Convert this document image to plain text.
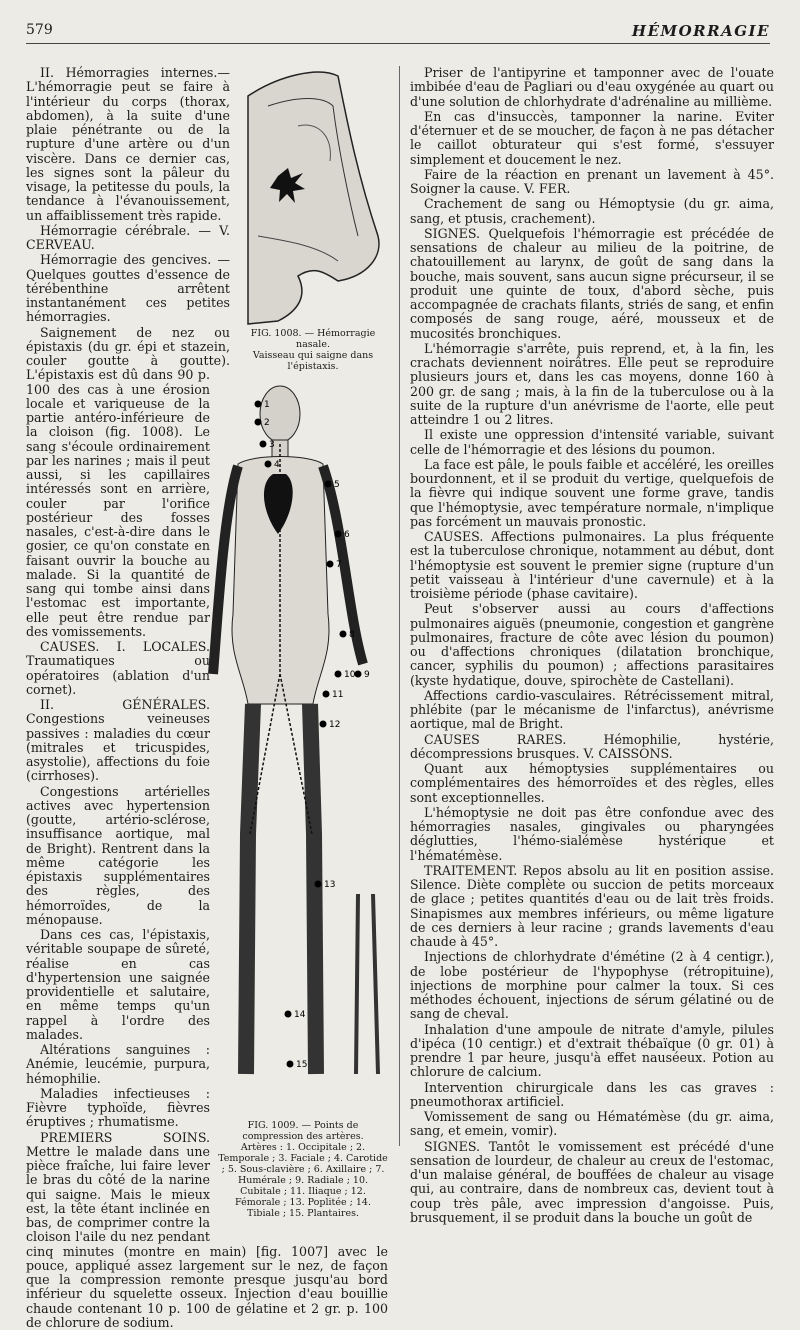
579	HÉMORRAGIE
FIG. 1008. — Hémorragie nasale.
Vaisseau qui saigne dans l'épistaxis.
1
2
3
4
5
6
7
8
9
10
11
12
13
14
15
FIG. 1009. — Points de compression des artères.
Artères : 1. Occipitale ; 2. Temporale ; 3. Faciale ; 4. Carotide ; 5. Sous-clavière ; 6. Axillaire ; 7. Humérale ; 9. Radiale ; 10. Cubitale ; 11. Iliaque ; 12. Fémorale ; 13. Poplitée ; 14. Tibiale ; 15. Plantaires.

II. Hémorragies internes.— L'hémorragie peut se faire à l'intérieur du corps (thorax, abdomen), à la suite d'une plaie pénétrante ou de la rupture d'une artère ou d'un viscère. Dans ce dernier cas, les signes sont la pâleur du visage, la petitesse du pouls, la tendance à l'évanouissement, un affaiblissement très rapide.

Hémorragie cérébrale. — V. CERVEAU.

Hémorragie des gencives. — Quelques gouttes d'essence de térébenthine arrêtent instantanément ces petites hémorragies.

Saignement de nez ou épistaxis (du gr. épi et stazein, couler goutte à goutte). L'épistaxis est dû dans 90 p. 100 des cas à une érosion locale et variqueuse de la partie antéro-inférieure de la cloison (fig. 1008). Le sang s'écoule ordinairement par les narines ; mais il peut aussi, si les capillaires intéressés sont en arrière, couler par l'orifice postérieur des fosses nasales, c'est-à-dire dans le gosier, ce qu'on constate en faisant ouvrir la bouche au malade. Si la quantité de sang qui tombe ainsi dans l'estomac est importante, elle peut être rendue par des vomissements.

CAUSES. I. LOCALES. Traumatiques ou opératoires (ablation d'un cornet).

II. GÉNÉRALES. Congestions veineuses passives : maladies du cœur (mitrales et tricuspides, asystolie), affections du foie (cirrhoses).

Congestions artérielles actives avec hypertension (goutte, artério-sclérose, insuffisance aortique, mal de Bright). Rentrent dans la même catégorie les épistaxis supplémentaires des règles, des hémorroïdes, de la ménopause.

Dans ces cas, l'épistaxis, véritable soupape de sûreté, réalise en cas d'hypertension une saignée providentielle et salutaire, en même temps qu'un rappel à l'ordre des malades.

Altérations sanguines : Anémie, leucémie, purpura, hémophilie.

Maladies infectieuses : Fièvre typhoïde, fièvres éruptives ; rhumatisme.

PREMIERS SOINS. Mettre le malade dans une pièce fraîche, lui faire lever le bras du côté de la narine qui saigne. Mais le mieux est, la tête étant inclinée en bas, de comprimer contre la cloison l'aile du nez pendant cinq minutes (montre en main) [fig. 1007] avec le pouce, appliqué assez largement sur le nez, de façon que la compression remonte presque jusqu'au bord inférieur du squelette osseux. Injection d'eau bouillie chaude contenant 10 p. 100 de gélatine et 2 gr. p. 100 de chlorure de sodium.

Priser de l'antipyrine et tamponner avec de l'ouate imbibée d'eau de Pagliari ou d'eau oxygénée au quart ou d'une solution de chlorhydrate d'adrénaline au millième.

En cas d'insuccès, tamponner la narine. Eviter d'éternuer et de se moucher, de façon à ne pas détacher le caillot obturateur qui s'est formé, s'essuyer simplement et doucement le nez.

Faire de la réaction en prenant un lavement à 45°. Soigner la cause. V. FER.

Crachement de sang ou Hémoptysie (du gr. aima, sang, et ptusis, crachement).

SIGNES. Quelquefois l'hémorragie est précédée de sensations de chaleur au milieu de la poitrine, de chatouillement au larynx, de goût de sang dans la bouche, mais souvent, sans aucun signe précurseur, il se produit une quinte de toux, d'abord sèche, puis accompagnée de crachats filants, striés de sang, et enfin composés de sang rouge, aéré, mousseux et de mucosités bronchiques.

L'hémorragie s'arrête, puis reprend, et, à la fin, les crachats deviennent noirâtres. Elle peut se reproduire plusieurs jours et, dans les cas moyens, donne 160 à 200 gr. de sang ; mais, à la fin de la tuberculose ou à la suite de la rupture d'un anévrisme de l'aorte, elle peut atteindre 1 ou 2 litres.

Il existe une oppression d'intensité variable, suivant celle de l'hémorragie et des lésions du poumon.

La face est pâle, le pouls faible et accéléré, les oreilles bourdonnent, et il se produit du vertige, quelquefois de la fièvre qui indique souvent une forme grave, tandis que l'hémoptysie, avec température normale, n'implique pas forcément un mauvais pronostic.

CAUSES. Affections pulmonaires. La plus fréquente est la tuberculose chronique, notamment au début, dont l'hémoptysie est souvent le premier signe (rupture d'un petit vaisseau à l'intérieur d'une cavernule) et à la troisième période (phase cavitaire).

Peut s'observer aussi au cours d'affections pulmonaires aiguës (pneumonie, congestion et gangrène pulmonaires, fracture de côte avec lésion du poumon) ou d'affections chroniques (dilatation bronchique, cancer, syphilis du poumon) ; affections parasitaires (kyste hydatique, douve, spirochète de Castellani).

Affections cardio-vasculaires. Rétrécissement mitral, phlébite (par le mécanisme de l'infarctus), anévrisme aortique, mal de Bright.

CAUSES RARES. Hémophilie, hystérie, décompressions brusques. V. CAISSONS.

Quant aux hémoptysies supplémentaires ou complémentaires des hémorroïdes et des règles, elles sont exceptionnelles.

L'hémoptysie ne doit pas être confondue avec des hémorragies nasales, gingivales ou pharyngées déglutties, l'hémo-sialémèse hystérique et l'hématémèse.

TRAITEMENT. Repos absolu au lit en position assise. Silence. Diète complète ou succion de petits morceaux de glace ; petites quantités d'eau ou de lait très froids. Sinapismes aux membres inférieurs, ou même ligature de ces derniers à leur racine ; grands lavements d'eau chaude à 45°.

Injections de chlorhydrate d'émétine (2 à 4 centigr.), de lobe postérieur de l'hypophyse (rétropituine), injections de morphine pour calmer la toux. Si ces méthodes échouent, injections de sérum gélatiné ou de sang de cheval.

Inhalation d'une ampoule de nitrate d'amyle, pilules d'ipéca (10 centigr.) et d'extrait thébaïque (0 gr. 01) à prendre 1 par heure, jusqu'à effet nauséeux. Potion au chlorure de calcium.

Intervention chirurgicale dans les cas graves : pneumothorax artificiel.

Vomissement de sang ou Hématémèse (du gr. aima, sang, et emein, vomir).

SIGNES. Tantôt le vomissement est précédé d'une sensation de lourdeur, de chaleur au creux de l'estomac, d'un malaise général, de bouffées de chaleur au visage qui, au contraire, dans de nombreux cas, devient tout à coup très pâle, avec impression d'angoisse. Puis, brusquement, il se produit dans la bouche un goût de
